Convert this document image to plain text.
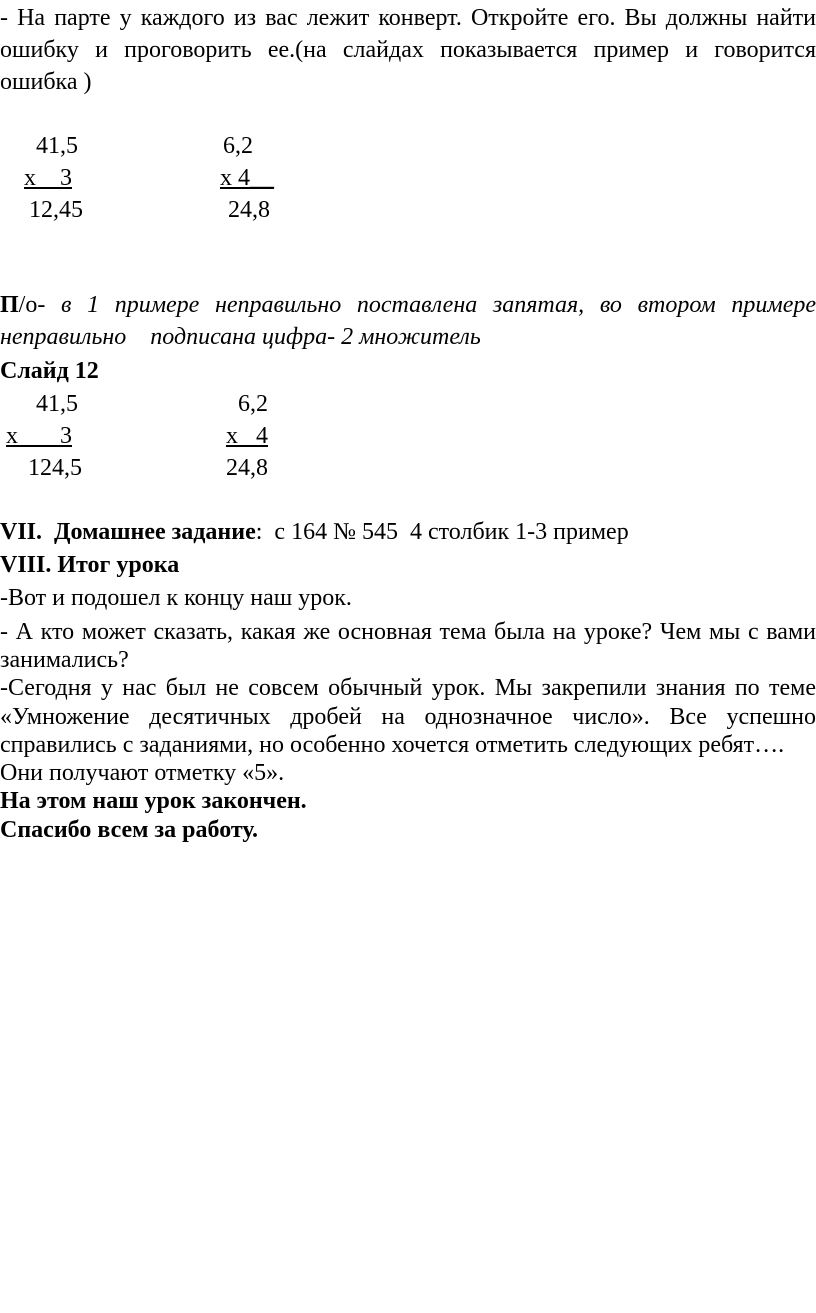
- На парте у каждого из вас лежит конверт. Откройте его. Вы должны найти
ошибку и проговорить ее.(на слайдах показывается пример и говорится
ошибка )
41,5	6,2
х    3	х 4__
12,45	24,8
П/о- в 1 примере неправильно поставлена запятая, во втором примере
неправильно    подписана цифра- 2 множитель
Слайд 12
41,5	6,2
х       3	х   4
124,5	24,8
VII.  Домашнее задание:  с 164 № 545  4 столбик 1-3 пример
VIII. Итог урока
-Вот и подошел к концу наш урок.
- А кто может сказать, какая же основная тема была на уроке? Чем мы с вами
занимались?
-Сегодня у нас был не совсем обычный урок. Мы закрепили знания по теме
«Умножение десятичных дробей на однозначное число». Все успешно
справились с заданиями, но особенно хочется отметить следующих ребят….
Они получают отметку «5».
На этом наш урок закончен.
Спасибо всем за работу.
